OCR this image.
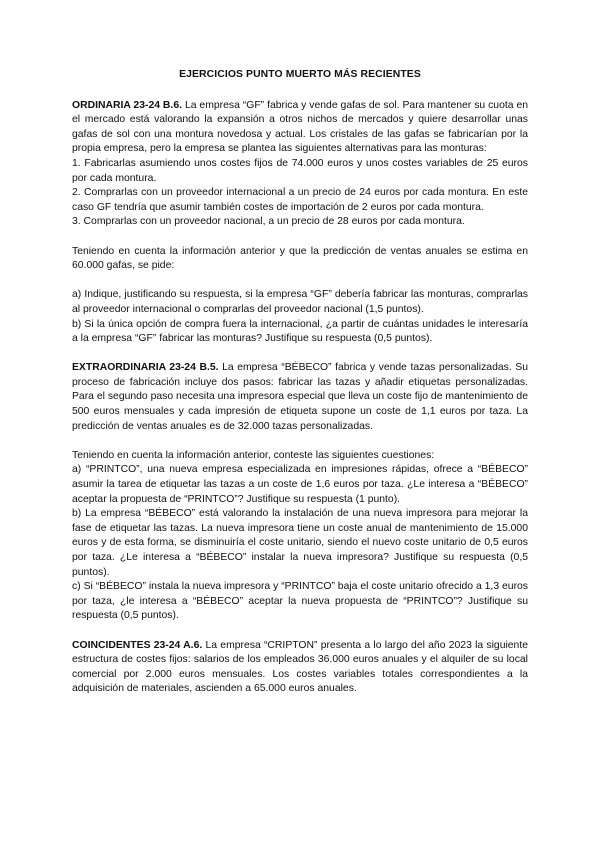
EJERCICIOS PUNTO MUERTO MÁS RECIENTES

ORDINARIA 23-24 B.6. La empresa “GF” fabrica y vende gafas de sol. Para mantener su cuota en el mercado está valorando la expansión a otros nichos de mercados y quiere desarrollar unas gafas de sol con una montura novedosa y actual. Los cristales de las gafas se fabricarían por la propia empresa, pero la empresa se plantea las siguientes alternativas para las monturas:

1. Fabricarlas asumiendo unos costes fijos de 74.000 euros y unos costes variables de 25 euros por cada montura.

2. Comprarlas con un proveedor internacional a un precio de 24 euros por cada montura. En este caso GF tendría que asumir también costes de importación de 2 euros por cada montura.

3. Comprarlas con un proveedor nacional, a un precio de 28 euros por cada montura.

Teniendo en cuenta la información anterior y que la predicción de ventas anuales se estima en 60.000 gafas, se pide:

a) Indique, justificando su respuesta, si la empresa “GF” debería fabricar las monturas, comprarlas al proveedor internacional o comprarlas del proveedor nacional (1,5 puntos).

b) Si la única opción de compra fuera la internacional, ¿a partir de cuántas unidades le interesaría a la empresa “GF” fabricar las monturas? Justifique su respuesta (0,5 puntos).

EXTRAORDINARIA 23-24 B.5. La empresa “BÉBECO” fabrica y vende tazas personalizadas. Su proceso de fabricación incluye dos pasos: fabricar las tazas y añadir etiquetas personalizadas. Para el segundo paso necesita una impresora especial que lleva un coste fijo de mantenimiento de 500 euros mensuales y cada impresión de etiqueta supone un coste de 1,1 euros por taza. La predicción de ventas anuales es de 32.000 tazas personalizadas.

Teniendo en cuenta la información anterior, conteste las siguientes cuestiones:

a) “PRINTCO”, una nueva empresa especializada en impresiones rápidas, ofrece a “BÉBECO” asumir la tarea de etiquetar las tazas a un coste de 1,6 euros por taza. ¿Le interesa a “BÉBECO” aceptar la propuesta de “PRINTCO”? Justifique su respuesta (1 punto).

b) La empresa “BÉBECO” está valorando la instalación de una nueva impresora para mejorar la fase de etiquetar las tazas. La nueva impresora tiene un coste anual de mantenimiento de 15.000 euros y de esta forma, se disminuiría el coste unitario, siendo el nuevo coste unitario de 0,5 euros por taza. ¿Le interesa a “BÉBECO” instalar la nueva impresora? Justifique su respuesta (0,5 puntos).

c) Si “BÉBECO” instala la nueva impresora y “PRINTCO” baja el coste unitario ofrecido a 1,3 euros por taza, ¿le interesa a “BÉBECO” aceptar la nueva propuesta de “PRINTCO”? Justifique su respuesta (0,5 puntos).

COINCIDENTES 23-24 A.6. La empresa “CRIPTON” presenta a lo largo del año 2023 la siguiente estructura de costes fijos: salarios de los empleados 36.000 euros anuales y el alquiler de su local comercial por 2.000 euros mensuales. Los costes variables totales correspondientes a la adquisición de materiales, ascienden a 65.000 euros anuales.
